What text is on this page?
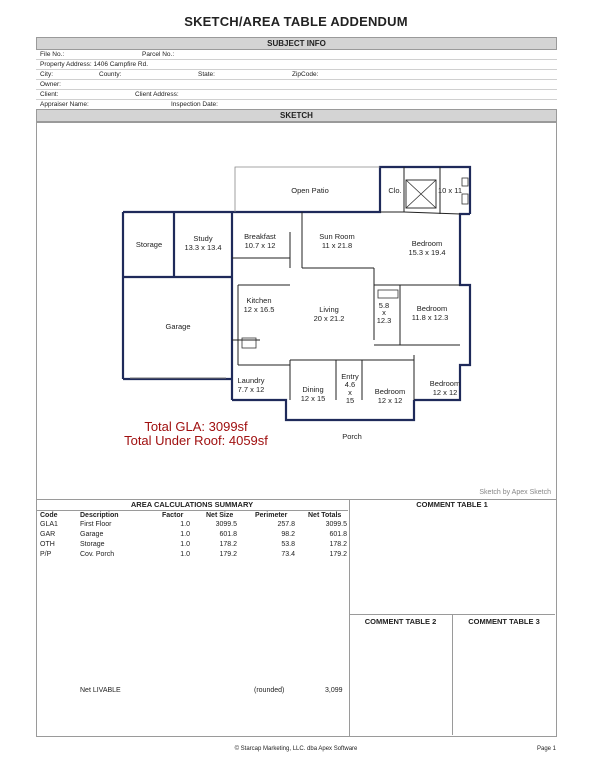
SKETCH/AREA TABLE ADDENDUM
SUBJECT INFO
File No.:	Parcel No.:
Property Address: 1406 Campfire Rd.
City:	County:	State:	ZipCode:
Owner:
Client:	Client Address:
Appraiser Name:	Inspection Date:
SKETCH
Open Patio	Clo.	10 x 11
Storage
Study
13.3 x 13.4
Breakfast
10.7 x 12
Sun Room
11 x 21.8	Bedroom
15.3 x 19.4
Garage
Kitchen
12 x 16.5	Living
20 x 21.2
5.8
x
12.3
Bedroom
11.8 x 12.3
Laundry
7.7 x 12	Dining
12 x 15
Entry
4.6
x
15
Bedroom
12 x 12
Bedroom
12 x 12
Porch
Total GLA: 3099sf
Total Under Roof: 4059sf
Sketch by Apex Sketch
AREA CALCULATIONS SUMMARY
Code	Description	Factor	Net Size	Perimeter	Net Totals
GLA1	First Floor	1.0	3099.5	257.8	3099.5
GAR	Garage	1.0	601.8	98.2	601.8
OTH	Storage	1.0	178.2	53.8	178.2
P/P	Cov. Porch	1.0	179.2	73.4	179.2
Net LIVABLE	(rounded)	3,099
COMMENT TABLE 1
COMMENT TABLE 2	COMMENT TABLE 3
© Starcap Marketing, LLC. dba Apex Software	Page 1
